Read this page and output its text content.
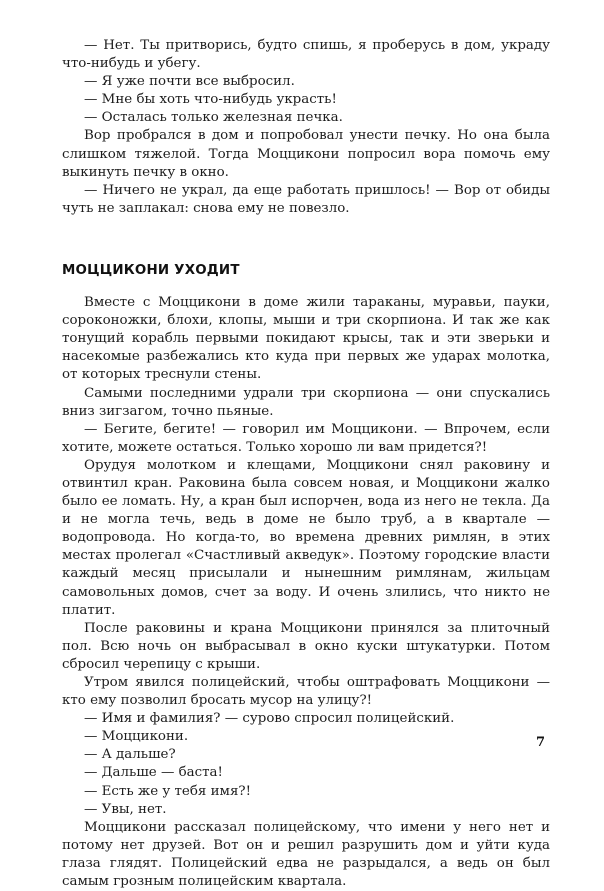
— Нет. Ты притворись, будто спишь, я проберусь в дом, украду что-нибудь и убегу.

— Я уже почти все выбросил.

— Мне бы хоть что-нибудь украсть!

— Осталась только железная печка.

Вор пробрался в дом и попробовал унести печку. Но она была слишком тяжелой. Тогда Моццикони попросил вора помочь ему выкинуть печку в окно.

— Ничего не украл, да еще работать пришлось! — Вор от обиды чуть не заплакал: снова ему не повезло.

МОЦЦИКОНИ УХОДИТ

Вместе с Моццикони в доме жили тараканы, муравьи, пауки, сороконожки, блохи, клопы, мыши и три скорпиона. И так же как тонущий корабль первыми покидают крысы, так и эти зверьки и насекомые разбежались кто куда при первых же ударах молотка, от которых треснули стены.

Самыми последними удрали три скорпиона — они спускались вниз зигзагом, точно пьяные.

— Бегите, бегите! — говорил им Моццикони. — Впрочем, если хотите, можете остаться. Только хорошо ли вам придется?!

Орудуя молотком и клещами, Моццикони снял раковину и отвинтил кран. Раковина была совсем новая, и Моццикони жалко было ее ломать. Ну, а кран был испорчен, вода из него не текла. Да и не могла течь, ведь в доме не было труб, а в квартале — водопровода. Но когда-то, во времена древних римлян, в этих местах пролегал «Счастливый акведук». Поэтому городские власти каждый месяц присылали и нынешним римлянам, жильцам самовольных домов, счет за воду. И очень злились, что никто не платит.

После раковины и крана Моццикони принялся за плиточный пол. Всю ночь он выбрасывал в окно куски штукатурки. Потом сбросил черепицу с крыши.

Утром явился полицейский, чтобы оштрафовать Моццикони — кто ему позволил бросать мусор на улицу?!

— Имя и фамилия? — сурово спросил полицейский.

— Моццикони.

— А дальше?

— Дальше — баста!

— Есть же у тебя имя?!

— Увы, нет.

Моццикони рассказал полицейскому, что имени у него нет и потому нет друзей. Вот он и решил разрушить дом и уйти куда глаза глядят. Полицейский едва не разрыдался, а ведь он был самым грозным полицейским квартала.

7
